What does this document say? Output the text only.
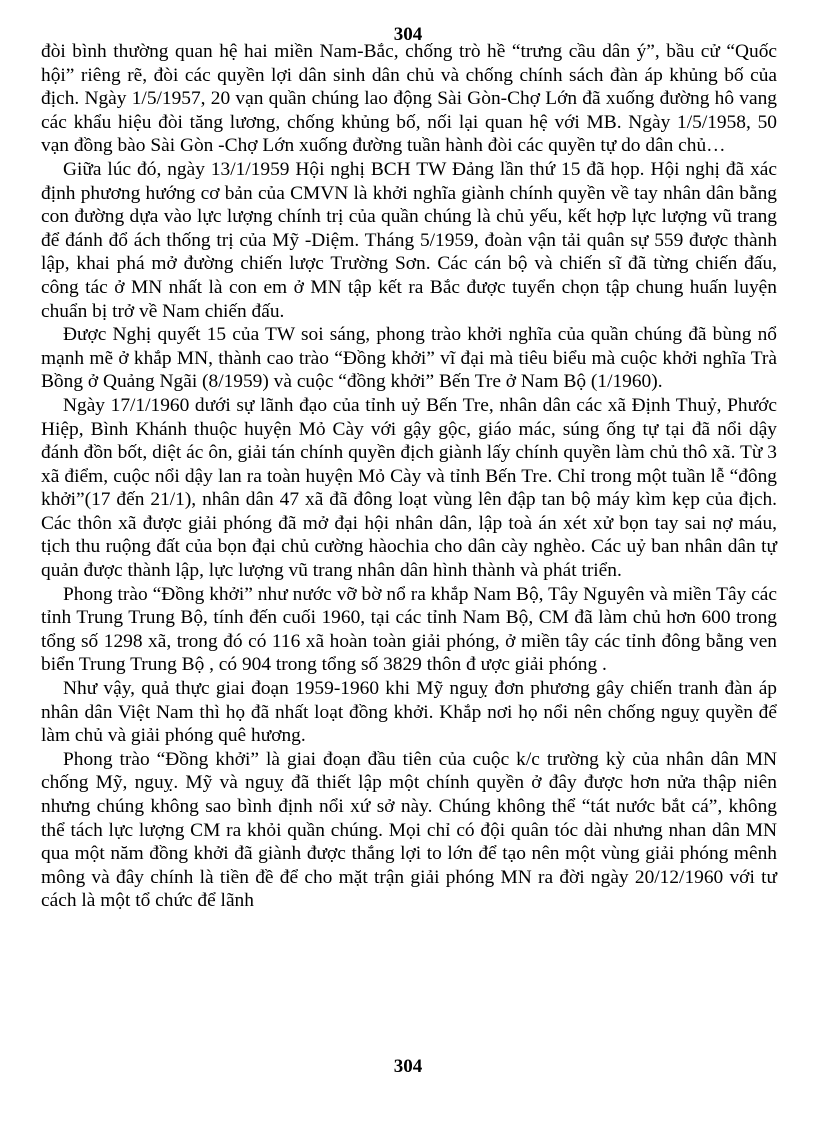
304

đòi bình thường quan hệ hai miền Nam-Bắc, chống trò hề “trưng cầu dân ý”, bầu cử “Quốc hội” riêng rẽ, đòi các quyền lợi dân sinh dân chủ và chống chính sách đàn áp khủng bố của địch. Ngày 1/5/1957, 20 vạn quần chúng lao động Sài Gòn-Chợ Lớn đã xuống đường hô vang các khẩu hiệu đòi tăng lương, chống khủng bố, nối lại quan hệ với MB. Ngày 1/5/1958, 50 vạn đồng bào Sài Gòn -Chợ Lớn xuống đường tuần hành đòi các quyền tự do dân chủ…

Giữa lúc đó, ngày 13/1/1959 Hội nghị BCH TW Đảng lần thứ 15 đã họp. Hội nghị đã xác định phương hướng cơ bản của CMVN là khởi nghĩa giành chính quyền về tay nhân dân bằng con đường dựa vào lực lượng chính trị của quần chúng là chủ yếu, kết hợp lực lượng vũ trang để đánh đổ ách thống trị của Mỹ -Diệm. Tháng 5/1959, đoàn vận tải quân sự 559 được thành lập, khai phá mở đường chiến lược Trường Sơn. Các cán bộ và chiến sĩ đã từng chiến đấu, công tác ở MN nhất là con em ở MN tập kết ra Bắc được tuyển chọn tập chung huấn luyện chuẩn bị trở về Nam chiến đấu.

Được Nghị quyết 15 của TW soi sáng, phong trào khởi nghĩa của quần chúng đã bùng nổ mạnh mẽ ở khắp MN, thành cao trào “Đồng khởi” vĩ đại mà tiêu biểu mà cuộc khởi nghĩa Trà Bồng ở Quảng Ngãi (8/1959) và cuộc “đồng khởi” Bến Tre ở Nam Bộ (1/1960).

Ngày 17/1/1960 dưới sự lãnh đạo của tỉnh uỷ Bến Tre, nhân dân các xã Định Thuỷ, Phước Hiệp, Bình Khánh thuộc huyện Mỏ Cày với gậy gộc, giáo mác, súng ống tự tại đã nổi dậy đánh đồn bốt, diệt ác ôn, giải tán chính quyền địch giành lấy chính quyền làm chủ thô xã. Từ 3 xã điểm, cuộc nổi dậy lan ra toàn huyện Mỏ Cày và tỉnh Bến Tre. Chỉ trong một tuần lễ “đông khởi”(17 đến 21/1), nhân dân 47 xã đã đông loạt vùng lên đập tan bộ máy kìm kẹp của địch. Các thôn xã được giải phóng đã mở đại hội nhân dân, lập toà án xét xử bọn tay sai nợ máu, tịch thu ruộng đất của bọn đại chủ cường hàochia cho dân cày nghèo. Các uỷ ban nhân dân tự quản được thành lập, lực lượng vũ trang nhân dân hình thành và phát triển.

Phong trào “Đồng khởi” như nước vỡ bờ nổ ra khắp Nam Bộ, Tây Nguyên và miền Tây các tỉnh Trung Trung Bộ, tính đến cuối 1960, tại các tỉnh Nam Bộ, CM đã làm chủ hơn 600 trong tổng số 1298 xã, trong đó có 116 xã hoàn toàn giải phóng, ở miền tây các tỉnh đông bằng ven biển Trung Trung Bộ , có 904 trong tổng số 3829 thôn đ ược giải phóng .

Như vậy, quả thực giai đoạn 1959-1960 khi Mỹ nguỵ đơn phương gây chiến tranh đàn áp nhân dân Việt Nam thì họ đã nhất loạt đồng khởi. Khắp nơi họ nổi nên chống nguỵ quyền để làm chủ và giải phóng quê hương.

Phong trào “Đồng khởi” là giai đoạn đầu tiên của cuộc k/c trường kỳ của nhân dân MN chống Mỹ, nguỵ. Mỹ và nguỵ đã thiết lập một chính quyền ở đây được hơn nửa thập niên nhưng chúng không sao bình định nổi xứ sở này. Chúng không thể “tát nước bắt cá”, không thể tách lực lượng CM ra khỏi quần chúng. Mọi chỉ có đội quân tóc dài nhưng nhan dân MN qua một năm đồng khởi đã giành được thắng lợi to lớn để tạo nên một vùng giải phóng mênh mông và đây chính là tiền đề để cho mặt trận giải phóng MN ra đời ngày 20/12/1960 với tư cách là một tổ chức để lãnh

304
